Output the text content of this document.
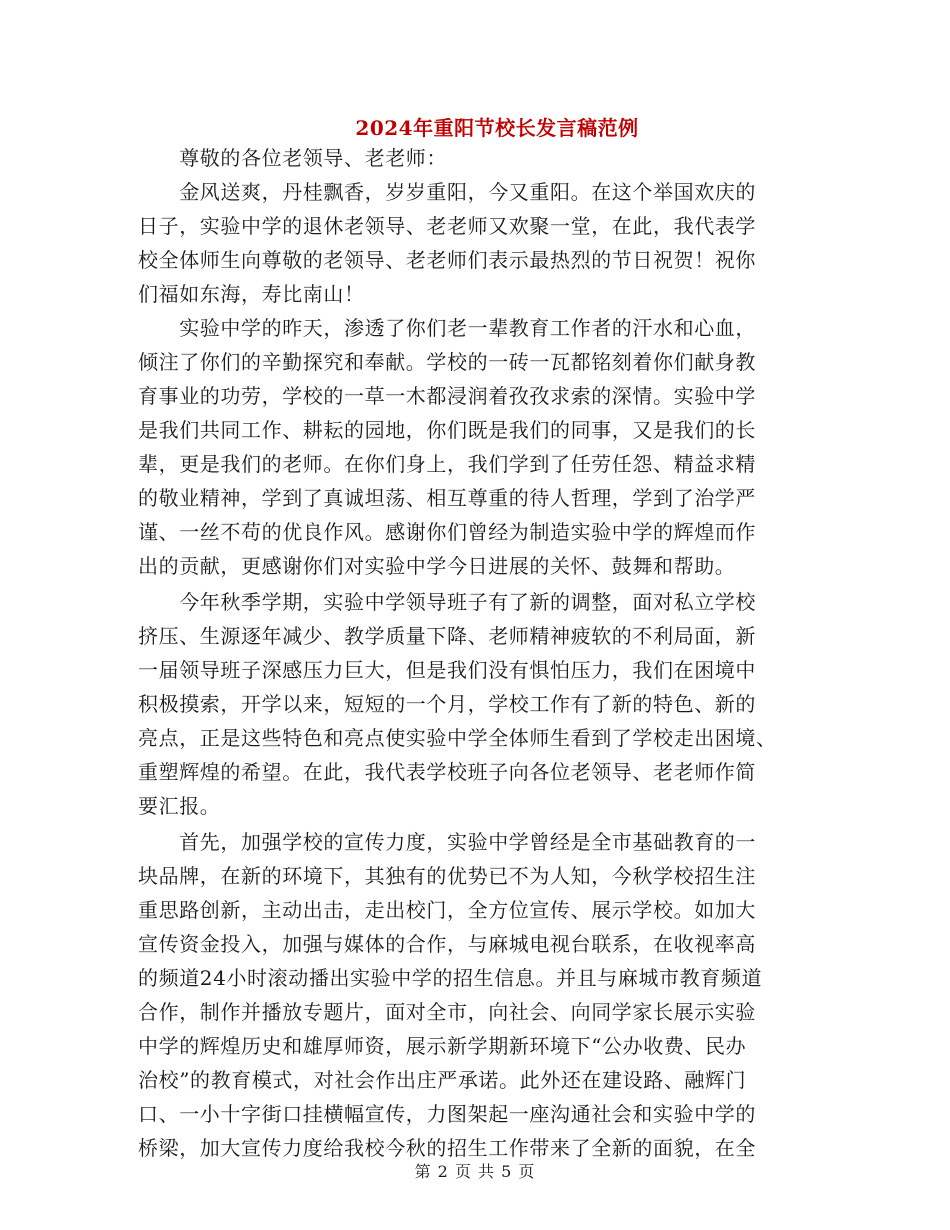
2024年重阳节校长发言稿范例
　　尊敬的各位老领导、老老师：
　　金风送爽，丹桂飘香，岁岁重阳，今又重阳。在这个举国欢庆的
日子，实验中学的退休老领导、老老师又欢聚一堂，在此，我代表学
校全体师生向尊敬的老领导、老老师们表示最热烈的节日祝贺！祝你
们福如东海，寿比南山！
　　实验中学的昨天，渗透了你们老一辈教育工作者的汗水和心血，
倾注了你们的辛勤探究和奉献。学校的一砖一瓦都铭刻着你们献身教
育事业的功劳，学校的一草一木都浸润着孜孜求索的深情。实验中学
是我们共同工作、耕耘的园地，你们既是我们的同事，又是我们的长
辈，更是我们的老师。在你们身上，我们学到了任劳任怨、精益求精
的敬业精神，学到了真诚坦荡、相互尊重的待人哲理，学到了治学严
谨、一丝不苟的优良作风。感谢你们曾经为制造实验中学的辉煌而作
出的贡献，更感谢你们对实验中学今日进展的关怀、鼓舞和帮助。
　　今年秋季学期，实验中学领导班子有了新的调整，面对私立学校
挤压、生源逐年减少、教学质量下降、老师精神疲软的不利局面，新
一届领导班子深感压力巨大，但是我们没有惧怕压力，我们在困境中
积极摸索，开学以来，短短的一个月，学校工作有了新的特色、新的
亮点，正是这些特色和亮点使实验中学全体师生看到了学校走出困境、
重塑辉煌的希望。在此，我代表学校班子向各位老领导、老老师作简
要汇报。
　　首先，加强学校的宣传力度，实验中学曾经是全市基础教育的一
块品牌，在新的环境下，其独有的优势已不为人知，今秋学校招生注
重思路创新，主动出击，走出校门，全方位宣传、展示学校。如加大
宣传资金投入，加强与媒体的合作，与麻城电视台联系，在收视率高
的频道24小时滚动播出实验中学的招生信息。并且与麻城市教育频道
合作，制作并播放专题片，面对全市，向社会、向同学家长展示实验
中学的辉煌历史和雄厚师资，展示新学期新环境下“公办收费、民办
治校”的教育模式，对社会作出庄严承诺。此外还在建设路、融辉门
口、一小十字街口挂横幅宣传，力图架起一座沟通社会和实验中学的
桥梁，加大宣传力度给我校今秋的招生工作带来了全新的面貌，在全
第 2 页 共 5 页
